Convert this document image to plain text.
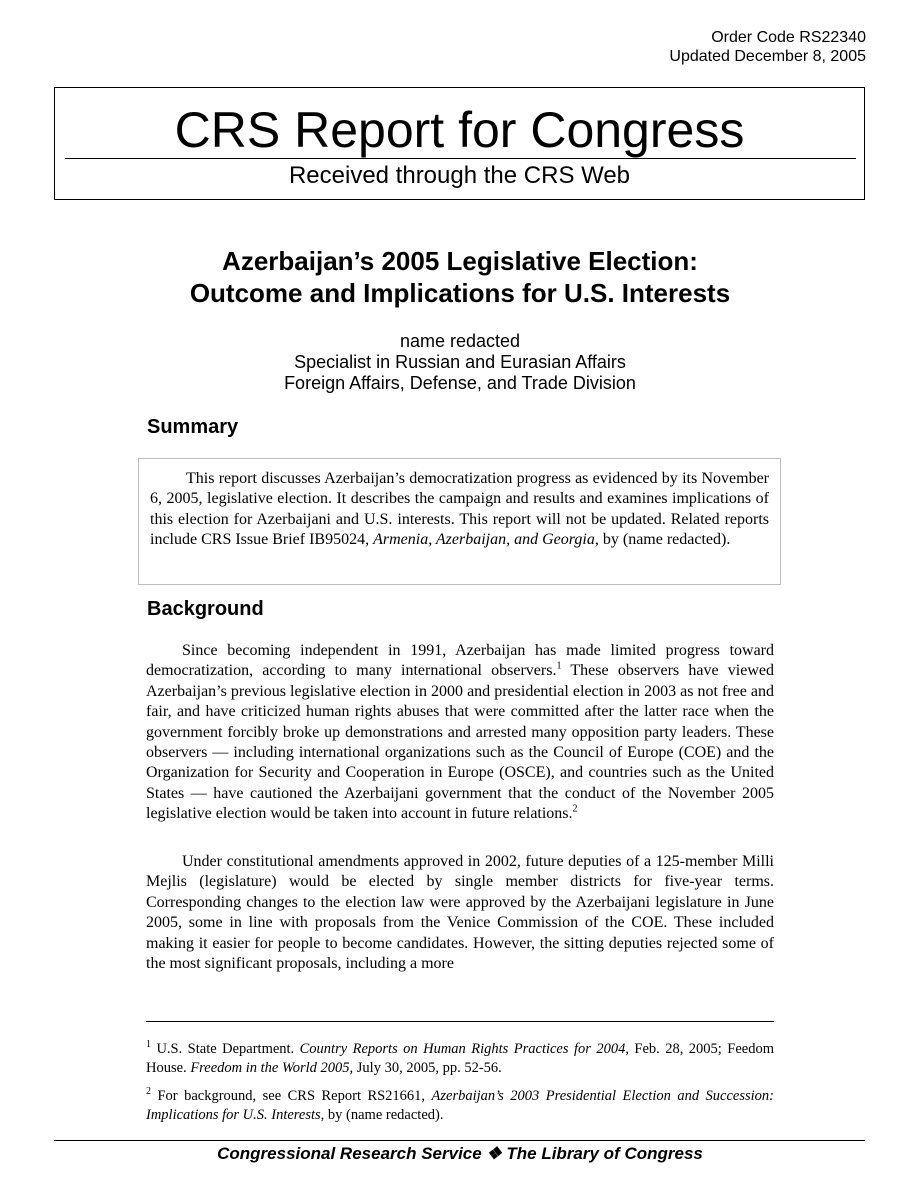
Order Code RS22340
Updated December 8, 2005
CRS Report for Congress
Received through the CRS Web
Azerbaijan’s 2005 Legislative Election:
Outcome and Implications for U.S. Interests
name redacted
Specialist in Russian and Eurasian Affairs
Foreign Affairs, Defense, and Trade Division
Summary
This report discusses Azerbaijan’s democratization progress as evidenced by its November 6, 2005, legislative election. It describes the campaign and results and examines implications of this election for Azerbaijani and U.S. interests. This report will not be updated. Related reports include CRS Issue Brief IB95024, Armenia, Azerbaijan, and Georgia, by (name redacted).
Background

Since becoming independent in 1991, Azerbaijan has made limited progress toward democratization, according to many international observers.$^1$ These observers have viewed Azerbaijan’s previous legislative election in 2000 and presidential election in 2003 as not free and fair, and have criticized human rights abuses that were committed after the latter race when the government forcibly broke up demonstrations and arrested many opposition party leaders. These observers — including international organizations such as the Council of Europe (COE) and the Organization for Security and Cooperation in Europe (OSCE), and countries such as the United States — have cautioned the Azerbaijani government that the conduct of the November 2005 legislative election would be taken into account in future relations.$^2$

Under constitutional amendments approved in 2002, future deputies of a 125-member Milli Mejlis (legislature) would be elected by single member districts for five-year terms. Corresponding changes to the election law were approved by the Azerbaijani legislature in June 2005, some in line with proposals from the Venice Commission of the COE. These included making it easier for people to become candidates. However, the sitting deputies rejected some of the most significant proposals, including a more

$^1$ U.S. State Department. Country Reports on Human Rights Practices for 2004, Feb. 28, 2005; Feedom House. Freedom in the World 2005, July 30, 2005, pp. 52-56.

$^2$ For background, see CRS Report RS21661, Azerbaijan’s 2003 Presidential Election and Succession: Implications for U.S. Interests, by (name redacted).

Congressional Research Service ❖ The Library of Congress
